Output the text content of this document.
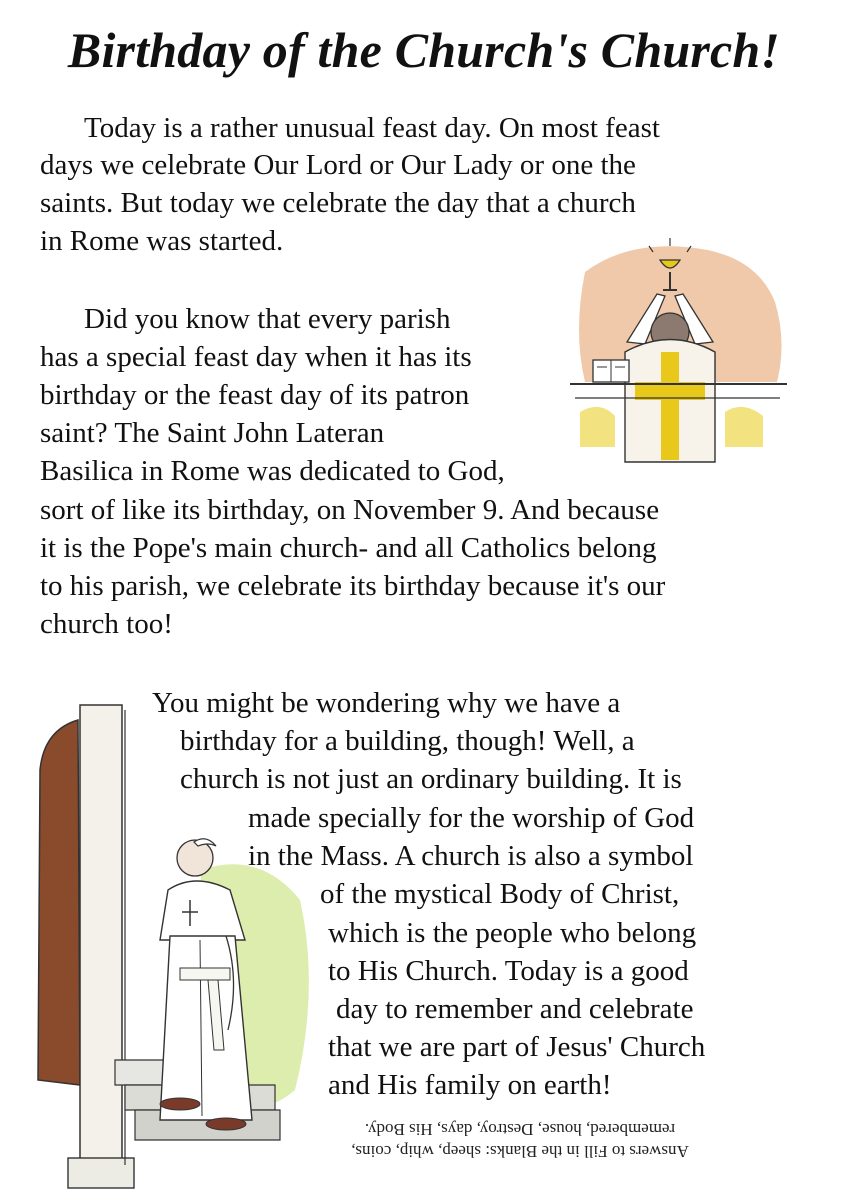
Birthday of the Church's Church!
Today is a rather unusual feast day. On most feast
days we celebrate Our Lord or Our Lady or one the
saints. But today we celebrate the day that a church
in Rome was started.
Did you know that every parish
has a special feast day when it has its
birthday or the feast day of its patron
saint? The Saint John Lateran
Basilica in Rome was dedicated to God,
sort of like its birthday, on November 9. And because
it is the Pope's main church- and all Catholics belong
to his parish, we celebrate its birthday because it's our
church too!
You might be wondering why we have a
birthday for a building, though! Well, a
church is not just an ordinary building. It is
made specially for the worship of God
in the Mass. A church is also a symbol
of the mystical Body of Christ,
which is the people who belong
to His Church. Today is a good
day to remember and celebrate
that we are part of Jesus' Church
and His family on earth!
Answers to Fill in the Blanks: sheep, whip, coins,
remembered, house, Destroy, days, His Body.
